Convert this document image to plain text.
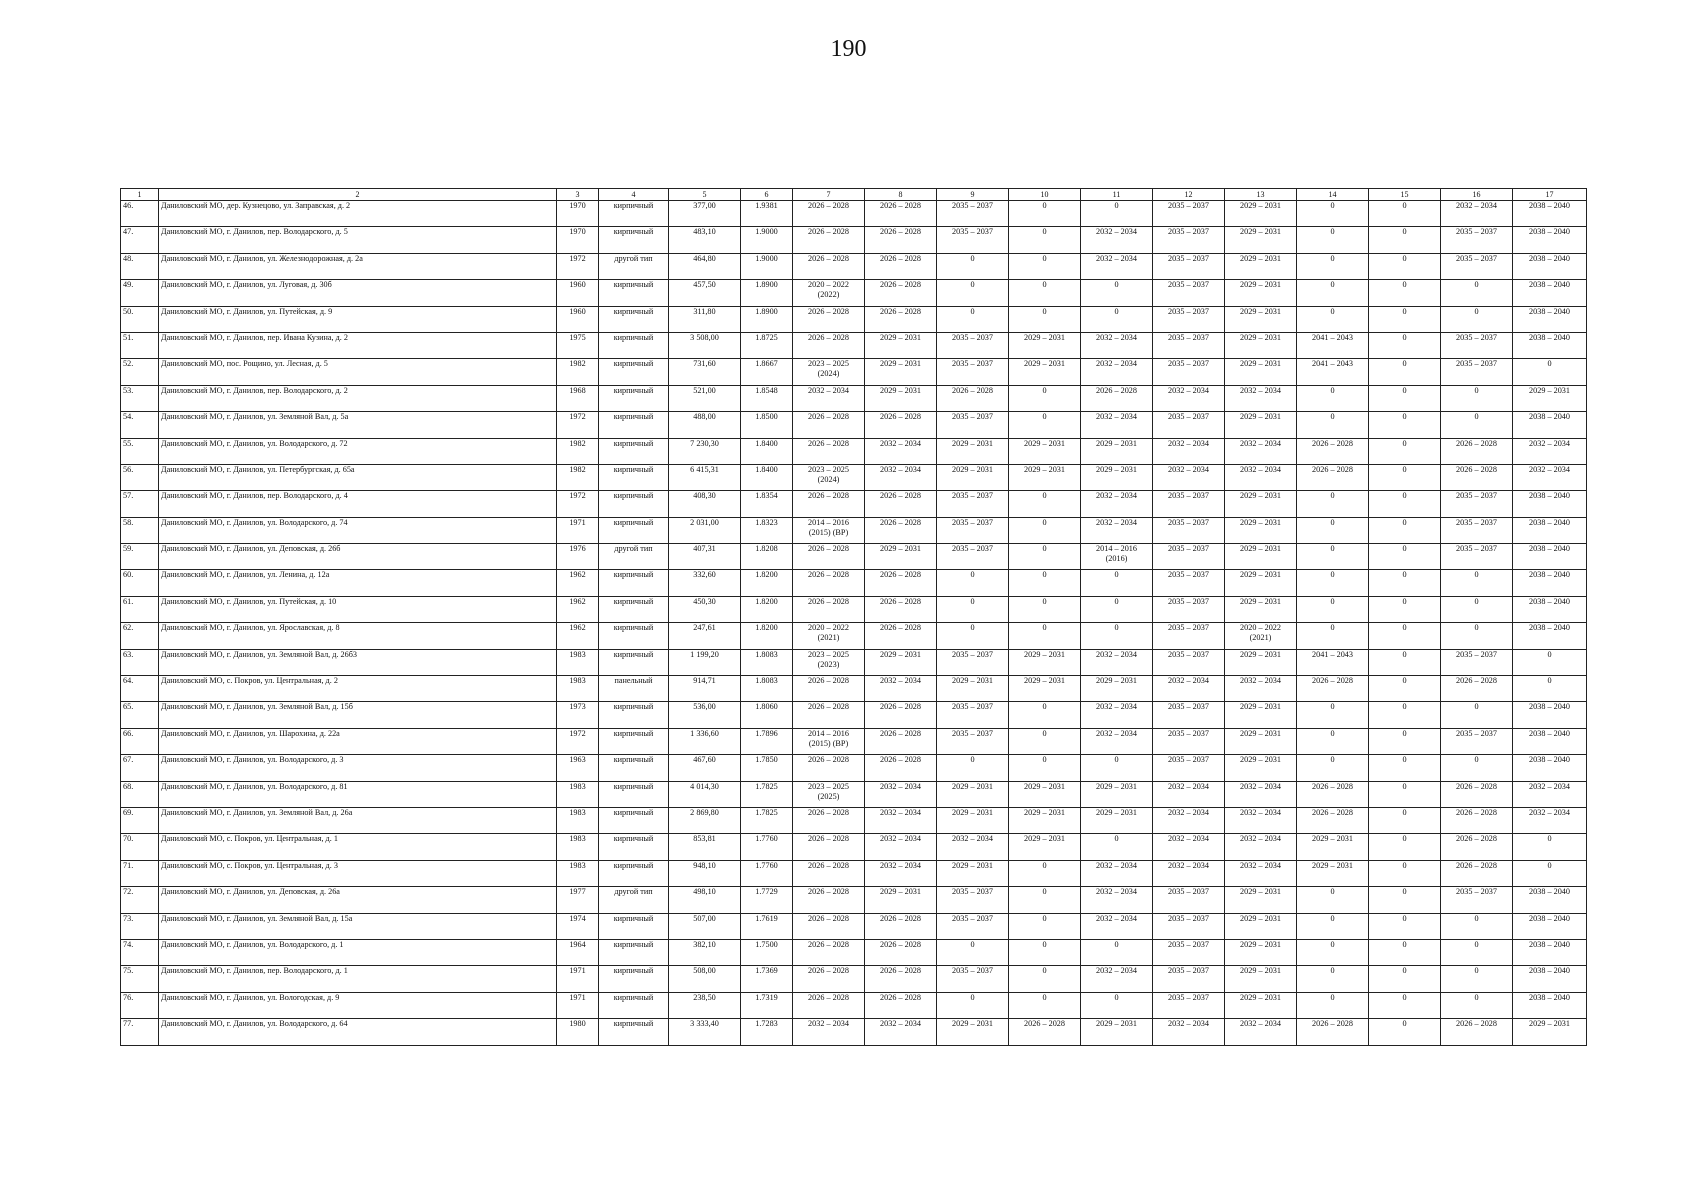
190
1	2	3	4	5	6	7	8	9	10	11	12	13	14	15	16	17
46.	Даниловский МО, дер. Кузнецово, ул. Заправская, д. 2	1970	кирпичный	377,00	1.9381	2026 – 2028	2026 – 2028	2035 – 2037	0	0	2035 – 2037	2029 – 2031	0	0	2032 – 2034	2038 – 2040
47.	Даниловский МО, г. Данилов, пер. Володарского, д. 5	1970	кирпичный	483,10	1.9000	2026 – 2028	2026 – 2028	2035 – 2037	0	2032 – 2034	2035 – 2037	2029 – 2031	0	0	2035 – 2037	2038 – 2040
48.	Даниловский МО, г. Данилов, ул. Железнодорожная, д. 2а	1972	другой тип	464,80	1.9000	2026 – 2028	2026 – 2028	0	0	2032 – 2034	2035 – 2037	2029 – 2031	0	0	2035 – 2037	2038 – 2040
49.	Даниловский МО, г. Данилов, ул. Луговая, д. 30б	1960	кирпичный	457,50	1.8900	2020 – 2022
(2022)	2026 – 2028	0	0	0	2035 – 2037	2029 – 2031	0	0	0	2038 – 2040
50.	Даниловский МО, г. Данилов, ул. Путейская, д. 9	1960	кирпичный	311,80	1.8900	2026 – 2028	2026 – 2028	0	0	0	2035 – 2037	2029 – 2031	0	0	0	2038 – 2040
51.	Даниловский МО, г. Данилов, пер. Ивана Кузина, д. 2	1975	кирпичный	3 508,00	1.8725	2026 – 2028	2029 – 2031	2035 – 2037	2029 – 2031	2032 – 2034	2035 – 2037	2029 – 2031	2041 – 2043	0	2035 – 2037	2038 – 2040
52.	Даниловский МО, пос. Рощино, ул. Лесная, д. 5	1982	кирпичный	731,60	1.8667	2023 – 2025
(2024)	2029 – 2031	2035 – 2037	2029 – 2031	2032 – 2034	2035 – 2037	2029 – 2031	2041 – 2043	0	2035 – 2037	0
53.	Даниловский МО, г. Данилов, пер. Володарского, д. 2	1968	кирпичный	521,00	1.8548	2032 – 2034	2029 – 2031	2026 – 2028	0	2026 – 2028	2032 – 2034	2032 – 2034	0	0	0	2029 – 2031
54.	Даниловский МО, г. Данилов, ул. Земляной Вал, д. 5а	1972	кирпичный	488,00	1.8500	2026 – 2028	2026 – 2028	2035 – 2037	0	2032 – 2034	2035 – 2037	2029 – 2031	0	0	0	2038 – 2040
55.	Даниловский МО, г. Данилов, ул. Володарского, д. 72	1982	кирпичный	7 230,30	1.8400	2026 – 2028	2032 – 2034	2029 – 2031	2029 – 2031	2029 – 2031	2032 – 2034	2032 – 2034	2026 – 2028	0	2026 – 2028	2032 – 2034
56.	Даниловский МО, г. Данилов, ул. Петербургская, д. 65а	1982	кирпичный	6 415,31	1.8400	2023 – 2025
(2024)	2032 – 2034	2029 – 2031	2029 – 2031	2029 – 2031	2032 – 2034	2032 – 2034	2026 – 2028	0	2026 – 2028	2032 – 2034
57.	Даниловский МО, г. Данилов, пер. Володарского, д. 4	1972	кирпичный	408,30	1.8354	2026 – 2028	2026 – 2028	2035 – 2037	0	2032 – 2034	2035 – 2037	2029 – 2031	0	0	2035 – 2037	2038 – 2040
58.	Даниловский МО, г. Данилов, ул. Володарского, д. 74	1971	кирпичный	2 031,00	1.8323	2014 – 2016
(2015) (ВР)	2026 – 2028	2035 – 2037	0	2032 – 2034	2035 – 2037	2029 – 2031	0	0	2035 – 2037	2038 – 2040
59.	Даниловский МО, г. Данилов, ул. Деповская, д. 26б	1976	другой тип	407,31	1.8208	2026 – 2028	2029 – 2031	2035 – 2037	0	2014 – 2016
(2016)	2035 – 2037	2029 – 2031	0	0	2035 – 2037	2038 – 2040
60.	Даниловский МО, г. Данилов, ул. Ленина, д. 12а	1962	кирпичный	332,60	1.8200	2026 – 2028	2026 – 2028	0	0	0	2035 – 2037	2029 – 2031	0	0	0	2038 – 2040
61.	Даниловский МО, г. Данилов, ул. Путейская, д. 10	1962	кирпичный	450,30	1.8200	2026 – 2028	2026 – 2028	0	0	0	2035 – 2037	2029 – 2031	0	0	0	2038 – 2040
62.	Даниловский МО, г. Данилов, ул. Ярославская, д. 8	1962	кирпичный	247,61	1.8200	2020 – 2022
(2021)	2026 – 2028	0	0	0	2035 – 2037	2020 – 2022
(2021)	0	0	0	2038 – 2040
63.	Даниловский МО, г. Данилов, ул. Земляной Вал, д. 26б3	1983	кирпичный	1 199,20	1.8083	2023 – 2025
(2023)	2029 – 2031	2035 – 2037	2029 – 2031	2032 – 2034	2035 – 2037	2029 – 2031	2041 – 2043	0	2035 – 2037	0
64.	Даниловский МО, с. Покров, ул. Центральная, д. 2	1983	панельный	914,71	1.8083	2026 – 2028	2032 – 2034	2029 – 2031	2029 – 2031	2029 – 2031	2032 – 2034	2032 – 2034	2026 – 2028	0	2026 – 2028	0
65.	Даниловский МО, г. Данилов, ул. Земляной Вал, д. 15б	1973	кирпичный	536,00	1.8060	2026 – 2028	2026 – 2028	2035 – 2037	0	2032 – 2034	2035 – 2037	2029 – 2031	0	0	0	2038 – 2040
66.	Даниловский МО, г. Данилов, ул. Шарохина, д. 22а	1972	кирпичный	1 336,60	1.7896	2014 – 2016
(2015) (ВР)	2026 – 2028	2035 – 2037	0	2032 – 2034	2035 – 2037	2029 – 2031	0	0	2035 – 2037	2038 – 2040
67.	Даниловский МО, г. Данилов, ул. Володарского, д. 3	1963	кирпичный	467,60	1.7850	2026 – 2028	2026 – 2028	0	0	0	2035 – 2037	2029 – 2031	0	0	0	2038 – 2040
68.	Даниловский МО, г. Данилов, ул. Володарского, д. 81	1983	кирпичный	4 014,30	1.7825	2023 – 2025
(2025)	2032 – 2034	2029 – 2031	2029 – 2031	2029 – 2031	2032 – 2034	2032 – 2034	2026 – 2028	0	2026 – 2028	2032 – 2034
69.	Даниловский МО, г. Данилов, ул. Земляной Вал, д. 26а	1983	кирпичный	2 869,80	1.7825	2026 – 2028	2032 – 2034	2029 – 2031	2029 – 2031	2029 – 2031	2032 – 2034	2032 – 2034	2026 – 2028	0	2026 – 2028	2032 – 2034
70.	Даниловский МО, с. Покров, ул. Центральная, д. 1	1983	кирпичный	853,81	1.7760	2026 – 2028	2032 – 2034	2032 – 2034	2029 – 2031	0	2032 – 2034	2032 – 2034	2029 – 2031	0	2026 – 2028	0
71.	Даниловский МО, с. Покров, ул. Центральная, д. 3	1983	кирпичный	948,10	1.7760	2026 – 2028	2032 – 2034	2029 – 2031	0	2032 – 2034	2032 – 2034	2032 – 2034	2029 – 2031	0	2026 – 2028	0
72.	Даниловский МО, г. Данилов, ул. Деповская, д. 26а	1977	другой тип	498,10	1.7729	2026 – 2028	2029 – 2031	2035 – 2037	0	2032 – 2034	2035 – 2037	2029 – 2031	0	0	2035 – 2037	2038 – 2040
73.	Даниловский МО, г. Данилов, ул. Земляной Вал, д. 15а	1974	кирпичный	507,00	1.7619	2026 – 2028	2026 – 2028	2035 – 2037	0	2032 – 2034	2035 – 2037	2029 – 2031	0	0	0	2038 – 2040
74.	Даниловский МО, г. Данилов, ул. Володарского, д. 1	1964	кирпичный	382,10	1.7500	2026 – 2028	2026 – 2028	0	0	0	2035 – 2037	2029 – 2031	0	0	0	2038 – 2040
75.	Даниловский МО, г. Данилов, пер. Володарского, д. 1	1971	кирпичный	508,00	1.7369	2026 – 2028	2026 – 2028	2035 – 2037	0	2032 – 2034	2035 – 2037	2029 – 2031	0	0	0	2038 – 2040
76.	Даниловский МО, г. Данилов, ул. Вологодская, д. 9	1971	кирпичный	238,50	1.7319	2026 – 2028	2026 – 2028	0	0	0	2035 – 2037	2029 – 2031	0	0	0	2038 – 2040
77.	Даниловский МО, г. Данилов, ул. Володарского, д. 64	1980	кирпичный	3 333,40	1.7283	2032 – 2034	2032 – 2034	2029 – 2031	2026 – 2028	2029 – 2031	2032 – 2034	2032 – 2034	2026 – 2028	0	2026 – 2028	2029 – 2031
